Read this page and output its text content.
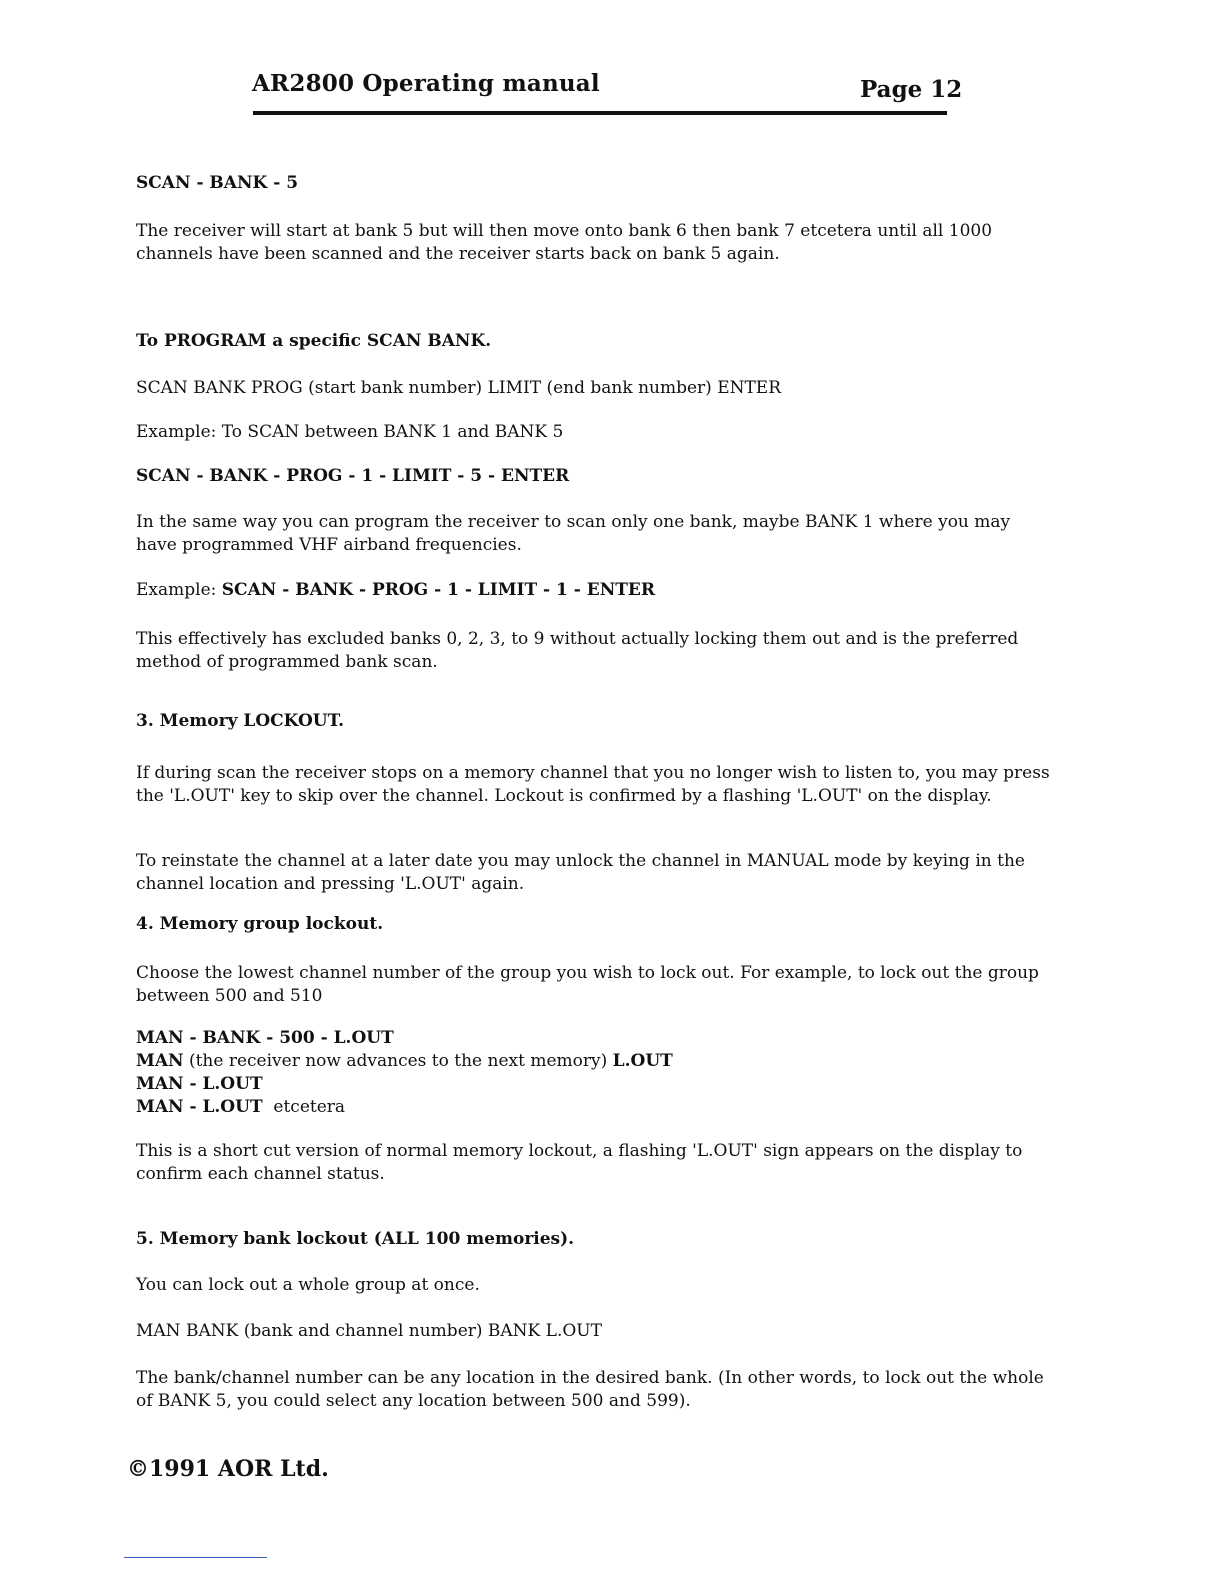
AR2800 Operating manual	Page 12
SCAN - BANK - 5
The receiver will start at bank 5 but will then move onto bank 6 then bank 7 etcetera until all 1000 channels have been scanned and the receiver starts back on bank 5 again.
To PROGRAM a specific SCAN BANK.
SCAN BANK PROG (start bank number) LIMIT (end bank number) ENTER
Example: To SCAN between BANK 1 and BANK 5
SCAN - BANK - PROG - 1 - LIMIT - 5 - ENTER
In the same way you can program the receiver to scan only one bank, maybe BANK 1 where you may have programmed VHF airband frequencies.
Example: SCAN - BANK - PROG - 1 - LIMIT - 1 - ENTER
This effectively has excluded banks 0, 2, 3, to 9 without actually locking them out and is the preferred method of programmed bank scan.
3. Memory LOCKOUT.
If during scan the receiver stops on a memory channel that you no longer wish to listen to, you may press the 'L.OUT' key to skip over the channel. Lockout is confirmed by a flashing 'L.OUT' on the display.
To reinstate the channel at a later date you may unlock the channel in MANUAL mode by keying in the channel location and pressing 'L.OUT' again.
4. Memory group lockout.
Choose the lowest channel number of the group you wish to lock out. For example, to lock out the group between 500 and 510
MAN - BANK - 500 - L.OUT
MAN (the receiver now advances to the next memory) L.OUT
MAN - L.OUT
MAN - L.OUT  etcetera
This is a short cut version of normal memory lockout, a flashing 'L.OUT' sign appears on the display to confirm each channel status.
5. Memory bank lockout (ALL 100 memories).
You can lock out a whole group at once.
MAN BANK (bank and channel number) BANK L.OUT
The bank/channel number can be any location in the desired bank. (In other words, to lock out the whole of BANK 5, you could select any location between 500 and 599).
©1991 AOR Ltd.
